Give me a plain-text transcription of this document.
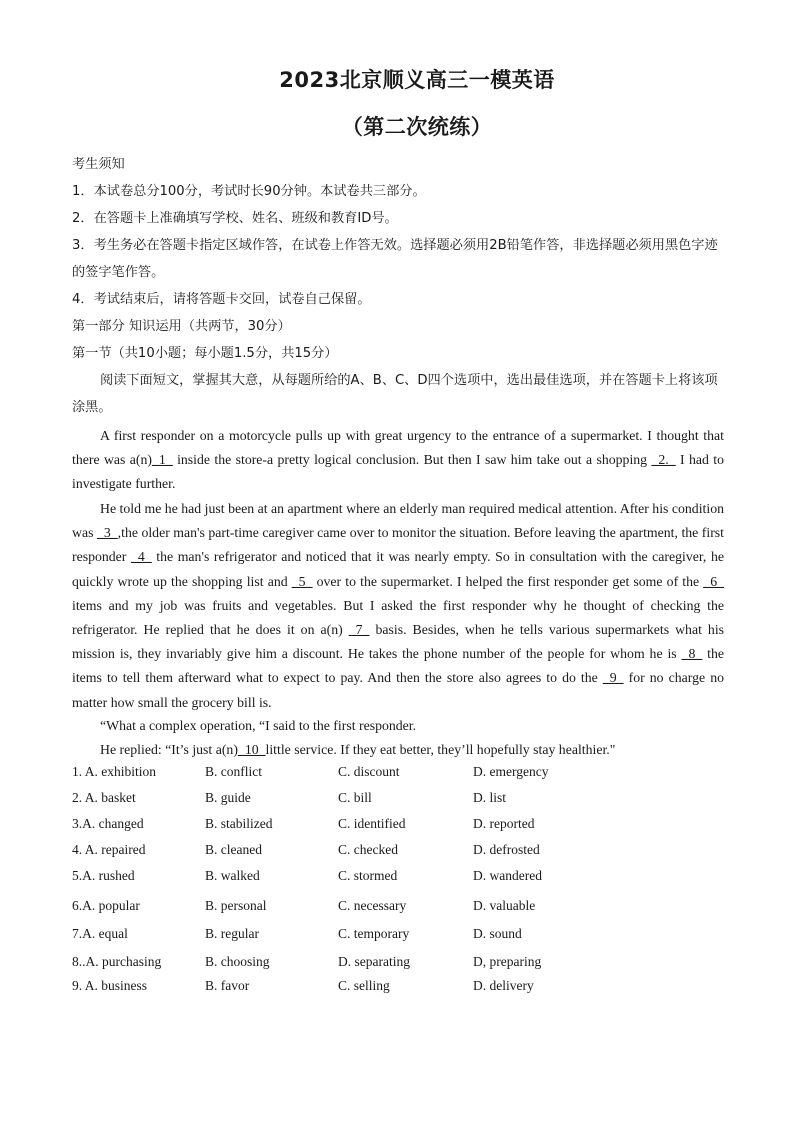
2023北京顺义高三一模英语
（第二次统练）

考生须知

1．本试卷总分100分，考试时长90分钟。本试卷共三部分。

2．在答题卡上准确填写学校、姓名、班级和教育ID号。

3．考生务必在答题卡指定区域作答，在试卷上作答无效。选择题必须用2B铅笔作答，非选择题必须用黑色字迹的签字笔作答。

4．考试结束后，请将答题卡交回，试卷自己保留。

第一部分 知识运用（共两节，30分）

第一节（共10小题；每小题1.5分，共15分）

阅读下面短文，掌握其大意，从每题所给的A、B、C、D四个选项中，选出最佳选项，并在答题卡上将该项涂黑。

A first responder on a motorcycle pulls up with great urgency to the entrance of a supermarket. I thought that there was a(n)_1_ inside the store-a pretty logical conclusion. But then I saw him take out a shopping _2._ I had to investigate further.

He told me he had just been at an apartment where an elderly man required medical attention. After his condition was _3_,the older man's part-time caregiver came over to monitor the situation. Before leaving the apartment, the first responder _4_ the man's refrigerator and noticed that it was nearly empty. So in consultation with the caregiver, he quickly wrote up the shopping list and _5_ over to the supermarket. I helped the first responder get some of the _6_ items and my job was fruits and vegetables. But I asked the first responder why he thought of checking the refrigerator. He replied that he does it on a(n) _7_ basis. Besides, when he tells various supermarkets what his mission is, they invariably give him a discount. He takes the phone number of the people for whom he is _8_ the items to tell them afterward what to expect to pay. And then the store also agrees to do the _9_ for no charge no matter how small the grocery bill is.

“What a complex operation, “I said to the first responder.

He replied: “It’s just a(n)_10_little service. If they eat better, they’ll hopefully stay healthier."

1. A. exhibition	B. conflict	C. discount	D. emergency
2. A. basket	B. guide	C. bill	D. list
3.A. changed	B. stabilized	C. identified	D. reported
4. A. repaired	B. cleaned	C. checked	D. defrosted
5.A. rushed	B. walked	C. stormed	D. wandered
6.A. popular	B. personal	C. necessary	D. valuable
7.A. equal	B. regular	C. temporary	D. sound
8..A. purchasing	B. choosing	D. separating	D, preparing
9. A. business	B. favor	C. selling	D. delivery
